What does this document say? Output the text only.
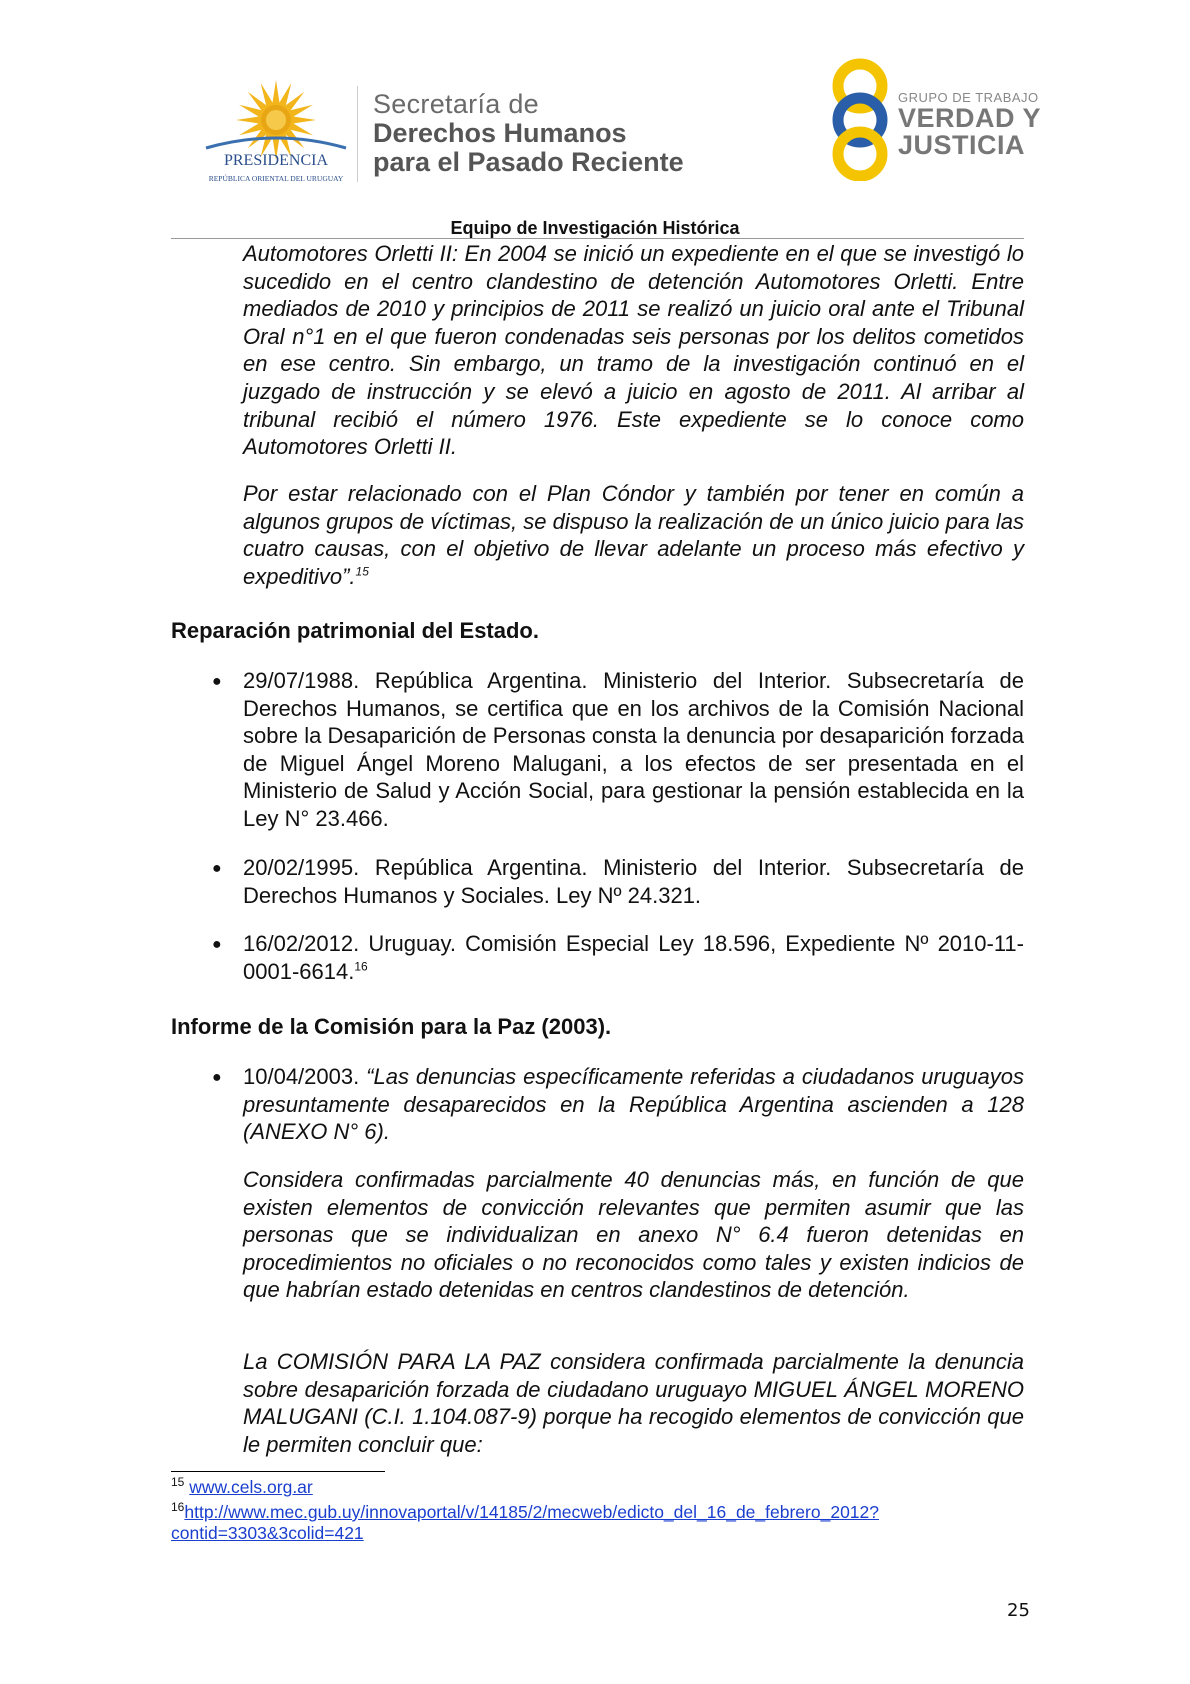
PRESIDENCIA
REPÚBLICA ORIENTAL DEL URUGUAY
Secretaría de
Derechos Humanos
para el Pasado Reciente
GRUPO DE TRABAJO
VERDAD Y
JUSTICIA
Equipo de Investigación Histórica
Automotores Orletti II: En 2004 se inició un expediente en el que se investigó lo sucedido en el centro clandestino de detención Automotores Orletti. Entre mediados de 2010 y principios de 2011 se realizó un juicio oral ante el Tribunal Oral n°1 en el que fueron condenadas seis personas por los delitos cometidos en ese centro. Sin embargo, un tramo de la investigación continuó en el juzgado de instrucción y se elevó a juicio en agosto de 2011. Al arribar al tribunal recibió el número 1976. Este expediente se lo conoce como Automotores Orletti II.
Por estar relacionado con el Plan Cóndor y también por tener en común a algunos grupos de víctimas, se dispuso la realización de un único juicio para las cuatro causas, con el objetivo de llevar adelante un proceso más efectivo y expeditivo”.$^{15}$
Reparación patrimonial del Estado.
● 29/07/1988. República Argentina. Ministerio del Interior. Subsecretaría de Derechos Humanos, se certifica que en los archivos de la Comisión Nacional sobre la Desaparición de Personas consta la denuncia por desaparición forzada de Miguel Ángel Moreno Malugani, a los efectos de ser presentada en el Ministerio de Salud y Acción Social, para gestionar la pensión establecida en la Ley N° 23.466.
● 20/02/1995. República Argentina. Ministerio del Interior. Subsecretaría de Derechos Humanos y Sociales. Ley Nº 24.321.
● 16/02/2012. Uruguay. Comisión Especial Ley 18.596, Expediente Nº 2010-11-0001-6614.16
Informe de la Comisión para la Paz (2003).
● 10/04/2003. “Las denuncias específicamente referidas a ciudadanos uruguayos presuntamente desaparecidos en la República Argentina ascienden a 128 (ANEXO N° 6).
Considera confirmadas parcialmente 40 denuncias más, en función de que existen elementos de convicción relevantes que permiten asumir que las personas que se individualizan en anexo N° 6.4 fueron detenidas en procedimientos no oficiales o no reconocidos como tales y existen indicios de que habrían estado detenidas en centros clandestinos de detención.
La COMISIÓN PARA LA PAZ considera confirmada parcialmente la denuncia sobre desaparición forzada de ciudadano uruguayo MIGUEL ÁNGEL MORENO MALUGANI (C.I. 1.104.087-9) porque ha recogido elementos de convicción que le permiten concluir que:
$^{15}$ www.cels.org.ar
$^{16}$http://www.mec.gub.uy/innovaportal/v/14185/2/mecweb/edicto_del_16_de_febrero_2012?
contid=3303&3colid=421
25
